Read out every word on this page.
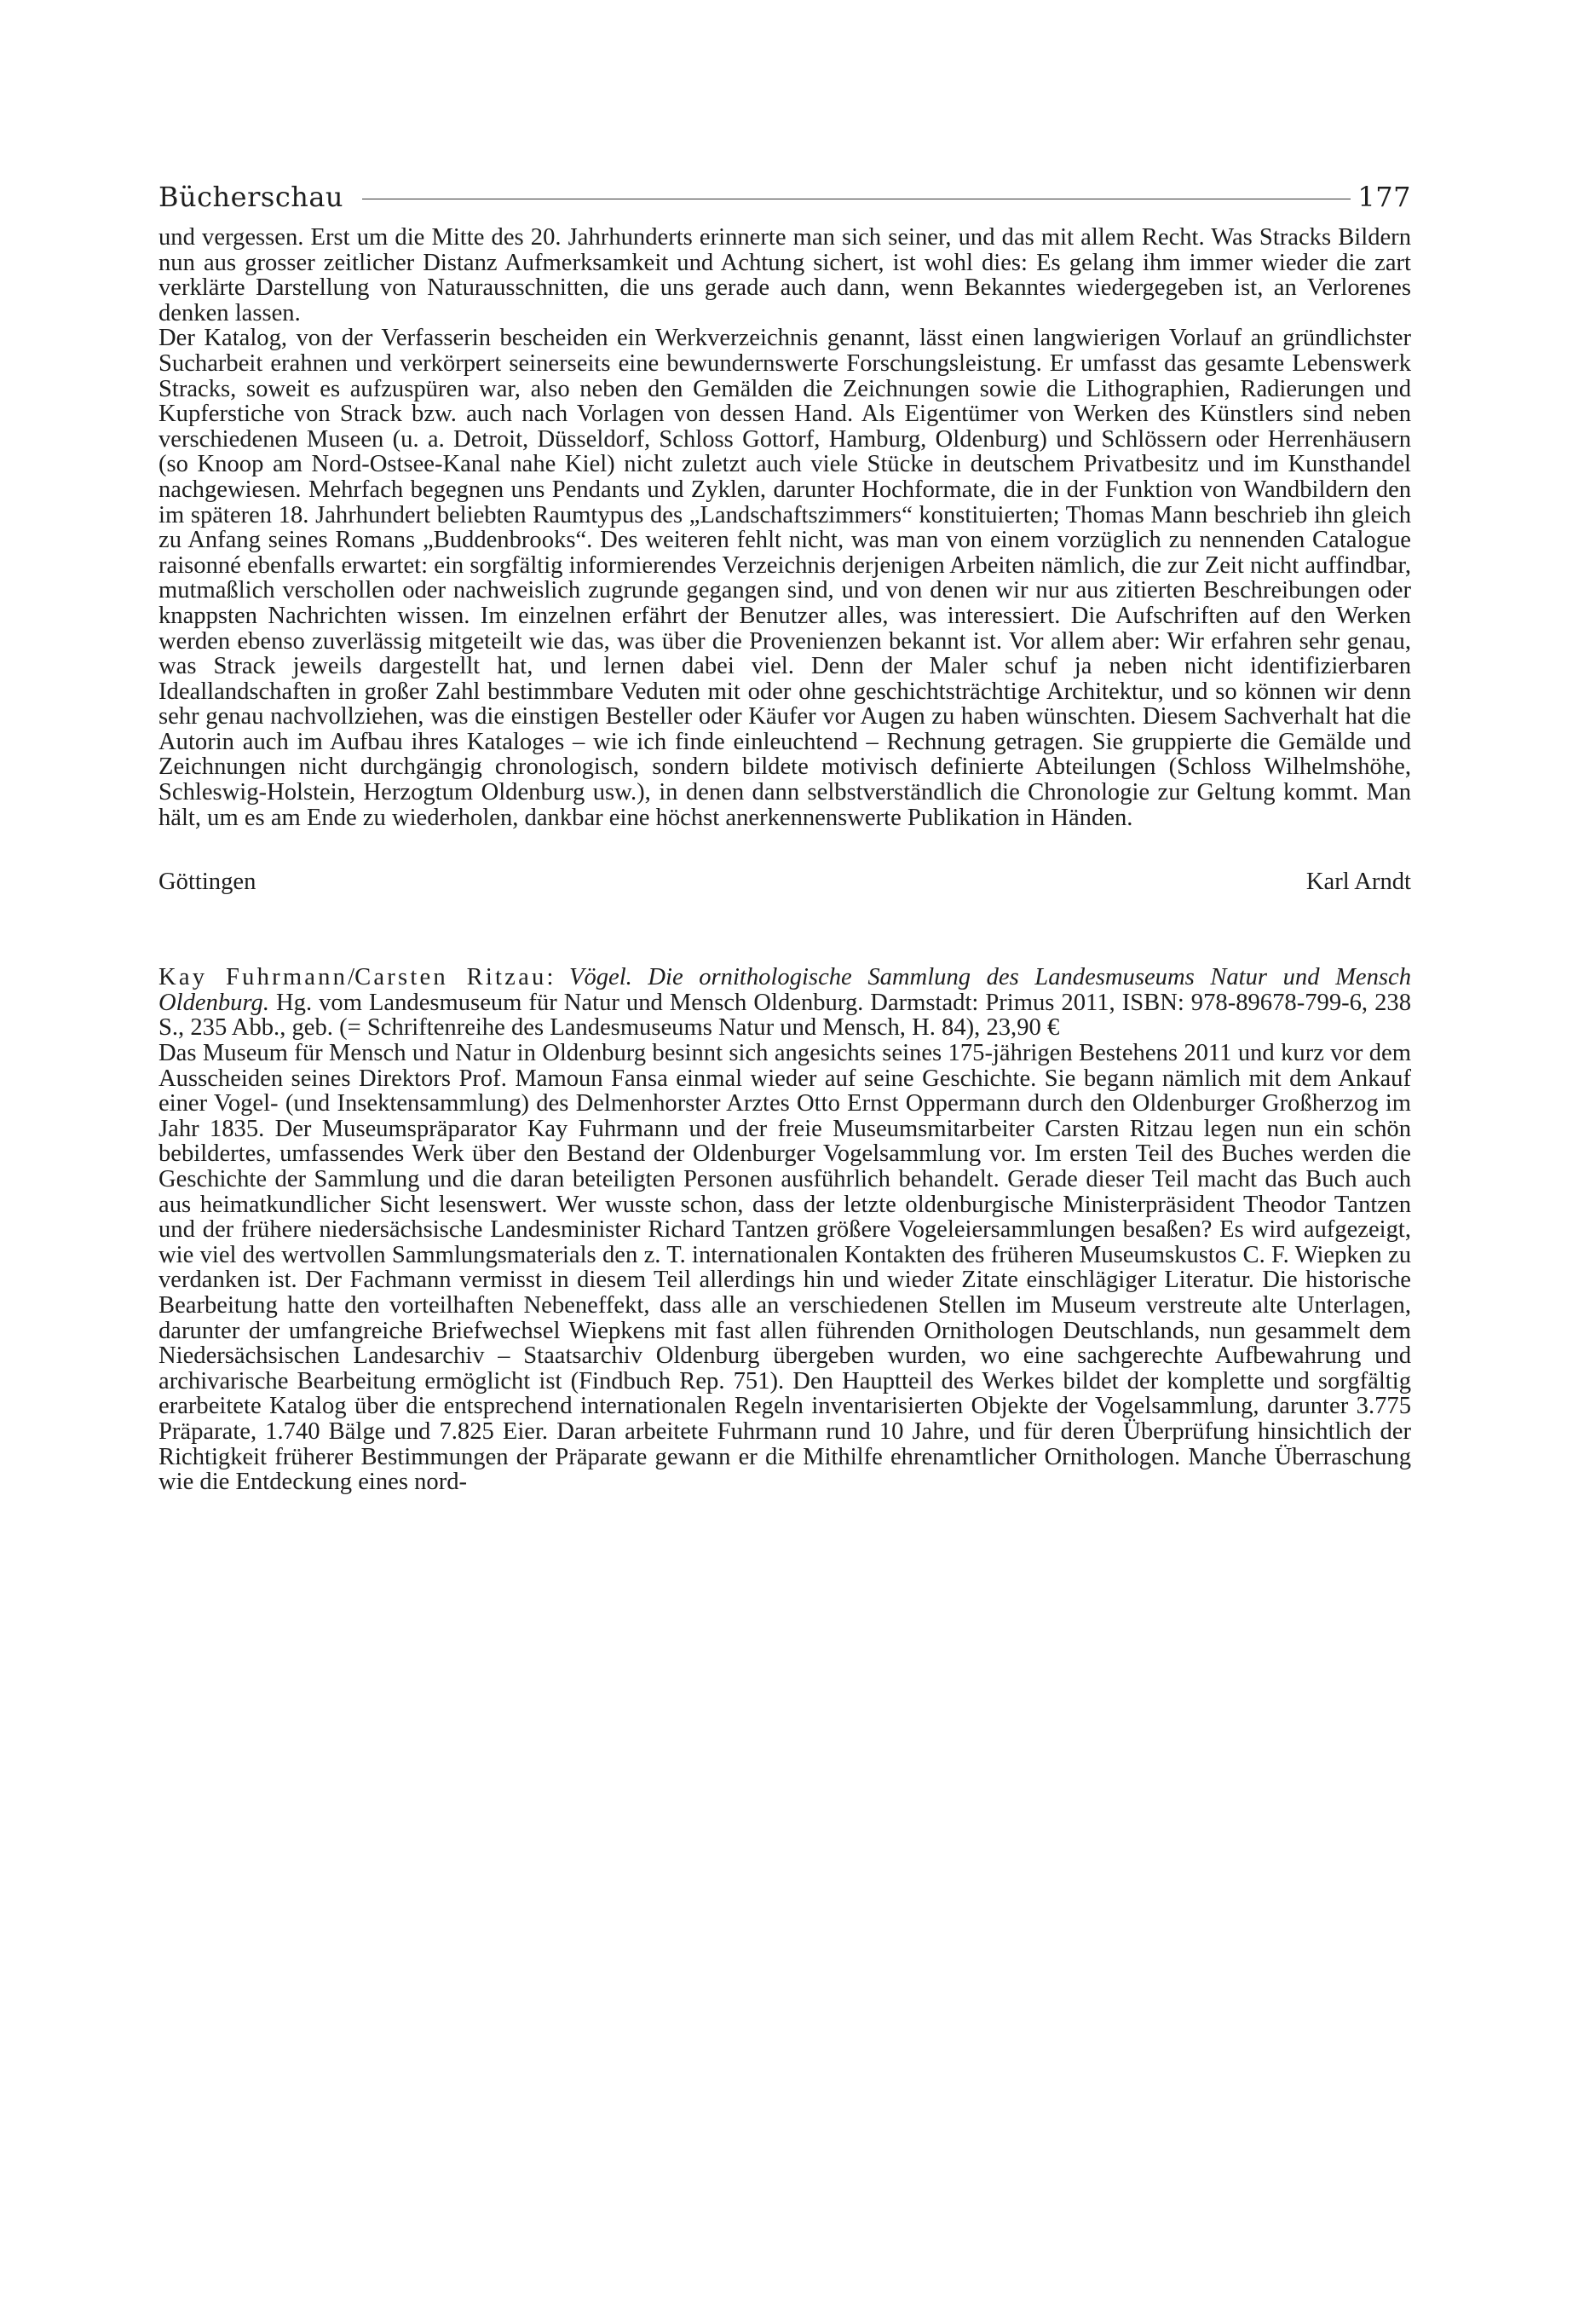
Bücherschau	177

und vergessen. Erst um die Mitte des 20. Jahrhunderts erinnerte man sich seiner, und das mit allem Recht. Was Stracks Bildern nun aus grosser zeitlicher Distanz Aufmerksamkeit und Achtung sichert, ist wohl dies: Es gelang ihm immer wieder die zart verklärte Darstellung von Naturausschnitten, die uns gerade auch dann, wenn Bekanntes wiedergegeben ist, an Verlorenes denken lassen.

Der Katalog, von der Verfasserin bescheiden ein Werkverzeichnis genannt, lässt einen langwierigen Vorlauf an gründlichster Sucharbeit erahnen und verkörpert seinerseits eine bewundernswerte Forschungsleistung. Er umfasst das gesamte Lebenswerk Stracks, soweit es aufzuspüren war, also neben den Gemälden die Zeichnungen sowie die Lithographien, Radierungen und Kupferstiche von Strack bzw. auch nach Vorlagen von dessen Hand. Als Eigentümer von Werken des Künstlers sind neben verschiedenen Museen (u. a. Detroit, Düsseldorf, Schloss Gottorf, Hamburg, Oldenburg) und Schlössern oder Herrenhäusern (so Knoop am Nord-Ostsee-Kanal nahe Kiel) nicht zuletzt auch viele Stücke in deutschem Privatbesitz und im Kunsthandel nachgewiesen. Mehrfach begegnen uns Pendants und Zyklen, darunter Hochformate, die in der Funktion von Wandbildern den im späteren 18. Jahrhundert beliebten Raumtypus des „Landschaftszimmers“ konstituierten; Thomas Mann beschrieb ihn gleich zu Anfang seines Romans „Buddenbrooks“. Des weiteren fehlt nicht, was man von einem vorzüglich zu nennenden Catalogue raisonné ebenfalls erwartet: ein sorgfältig informierendes Verzeichnis derjenigen Arbeiten nämlich, die zur Zeit nicht auffindbar, mutmaßlich verschollen oder nachweislich zugrunde gegangen sind, und von denen wir nur aus zitierten Beschreibungen oder knappsten Nachrichten wissen. Im einzelnen erfährt der Benutzer alles, was interessiert. Die Aufschriften auf den Werken werden ebenso zuverlässig mitgeteilt wie das, was über die Provenienzen bekannt ist. Vor allem aber: Wir erfahren sehr genau, was Strack jeweils dargestellt hat, und lernen dabei viel. Denn der Maler schuf ja neben nicht identifizierbaren Ideallandschaften in großer Zahl bestimmbare Veduten mit oder ohne geschichtsträchtige Architektur, und so können wir denn sehr genau nachvollziehen, was die einstigen Besteller oder Käufer vor Augen zu haben wünschten. Diesem Sachverhalt hat die Autorin auch im Aufbau ihres Kataloges – wie ich finde einleuchtend – Rechnung getragen. Sie gruppierte die Gemälde und Zeichnungen nicht durchgängig chronologisch, sondern bildete motivisch definierte Abteilungen (Schloss Wilhelmshöhe, Schleswig-Holstein, Herzogtum Oldenburg usw.), in denen dann selbstverständlich die Chronologie zur Geltung kommt. Man hält, um es am Ende zu wiederholen, dankbar eine höchst anerkennenswerte Publikation in Händen.

Göttingen	Karl Arndt

Kay Fuhrmann/Carsten Ritzau: Vögel. Die ornithologische Sammlung des Landesmuseums Natur und Mensch Oldenburg. Hg. vom Landesmuseum für Natur und Mensch Oldenburg. Darmstadt: Primus 2011, ISBN: 978-89678-799-6, 238 S., 235 Abb., geb. (= Schriftenreihe des Landesmuseums Natur und Mensch, H. 84), 23,90 €

Das Museum für Mensch und Natur in Oldenburg besinnt sich angesichts seines 175-jährigen Bestehens 2011 und kurz vor dem Ausscheiden seines Direktors Prof. Mamoun Fansa einmal wieder auf seine Geschichte. Sie begann nämlich mit dem Ankauf einer Vogel- (und Insektensammlung) des Delmenhorster Arztes Otto Ernst Oppermann durch den Oldenburger Großherzog im Jahr 1835. Der Museumspräparator Kay Fuhrmann und der freie Museumsmitarbeiter Carsten Ritzau legen nun ein schön bebildertes, umfassendes Werk über den Bestand der Oldenburger Vogelsammlung vor. Im ersten Teil des Buches werden die Geschichte der Sammlung und die daran beteiligten Personen ausführlich behandelt. Gerade dieser Teil macht das Buch auch aus heimatkundlicher Sicht lesenswert. Wer wusste schon, dass der letzte oldenburgische Ministerpräsident Theodor Tantzen und der frühere niedersächsische Landesminister Richard Tantzen größere Vogeleiersammlungen besaßen? Es wird aufgezeigt, wie viel des wertvollen Sammlungsmaterials den z. T. internationalen Kontakten des früheren Museumskustos C. F. Wiepken zu verdanken ist. Der Fachmann vermisst in diesem Teil allerdings hin und wieder Zitate einschlägiger Literatur. Die historische Bearbeitung hatte den vorteilhaften Nebeneffekt, dass alle an verschiedenen Stellen im Museum verstreute alte Unterlagen, darunter der umfangreiche Briefwechsel Wiepkens mit fast allen führenden Ornithologen Deutschlands, nun gesammelt dem Niedersächsischen Landesarchiv – Staatsarchiv Oldenburg übergeben wurden, wo eine sachgerechte Aufbewahrung und archivarische Bearbeitung ermöglicht ist (Findbuch Rep. 751). Den Hauptteil des Werkes bildet der komplette und sorgfältig erarbeitete Katalog über die entsprechend internationalen Regeln inventarisierten Objekte der Vogelsammlung, darunter 3.775 Präparate, 1.740 Bälge und 7.825 Eier. Daran arbeitete Fuhrmann rund 10 Jahre, und für deren Überprüfung hinsichtlich der Richtigkeit früherer Bestimmungen der Präparate gewann er die Mithilfe ehrenamtlicher Ornithologen. Manche Überraschung wie die Entdeckung eines nord-
